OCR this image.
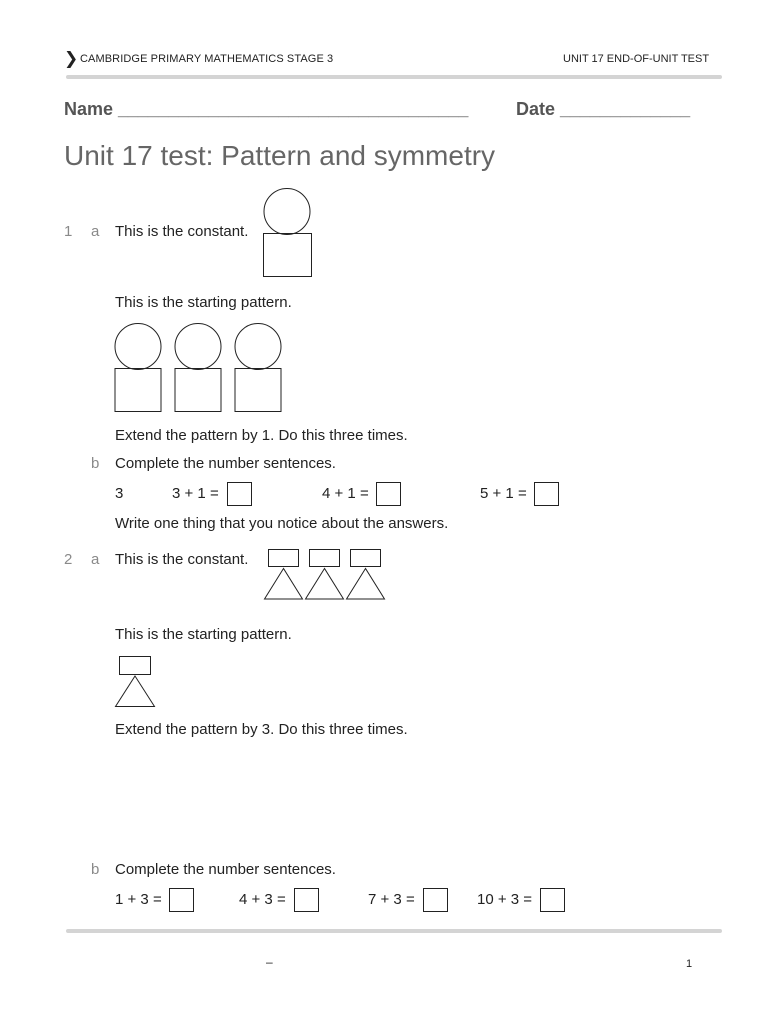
❯ CAMBRIDGE PRIMARY MATHEMATICS STAGE 3	UNIT 17 END-OF-UNIT TEST
Name ___________________________________	Date _____________
Unit 17 test: Pattern and symmetry
1 a This is the constant.
This is the starting pattern.
Extend the pattern by 1. Do this three times.
b Complete the number sentences.
3	3 + 1 =	4 + 1 =	5 + 1 =
Write one thing that you notice about the answers.
2 a This is the constant.
This is the starting pattern.
Extend the pattern by 3. Do this three times.
b Complete the number sentences.
1 + 3 =	4 + 3 =	7 + 3 =	10 + 3 =
–	1
